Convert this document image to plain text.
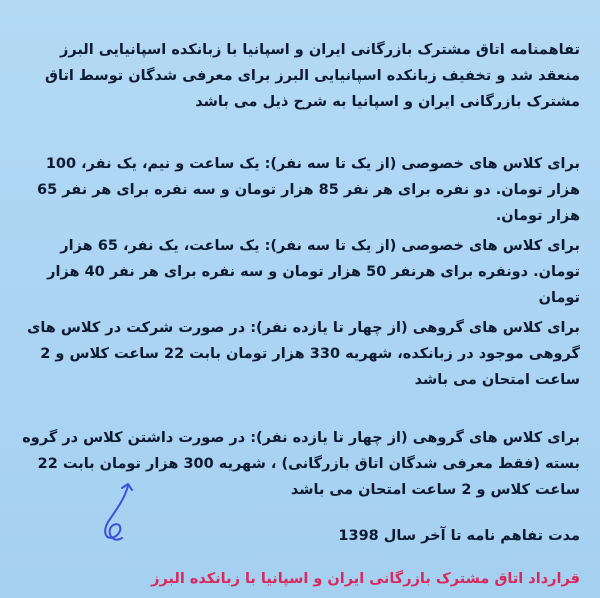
تفاهمنامه اتاق مشترک بازرگانی ایران و اسپانیا با زبانکده اسپانیایی البرز منعقد شد و تخفیف زبانکده اسپانیایی البرز برای معرفی شدگان توسط اتاق مشترک بازرگانی ایران و اسپانیا به شرح ذیل می باشد

برای کلاس های خصوصی (از یک تا سه نفر): یک ساعت و نیم، یک نفر، 100 هزار تومان. دو نفره برای هر نفر 85 هزار تومان و سه نفره برای هر نفر 65 هزار تومان.

برای کلاس های خصوصی (از یک تا سه نفر): یک ساعت، یک نفر، 65 هزار تومان. دونفره برای هرنفر 50 هزار تومان و سه نفره برای هر نفر 40 هزار تومان

برای کلاس های گروهی (از چهار تا یازده نفر): در صورت شرکت در کلاس های گروهی موجود در زبانکده، شهریه 330 هزار تومان بابت 22 ساعت کلاس و 2 ساعت امتحان می باشد

برای کلاس های گروهی (از چهار تا یازده نفر): در صورت داشتن کلاس در گروه بسته (فقط معرفی شدگان اتاق بازرگانی) ، شهریه 300 هزار تومان بابت 22 ساعت کلاس و 2 ساعت امتحان می باشد

مدت تفاهم نامه تا آخر سال 1398

قرارداد اتاق مشترک بازرگانی ایران و اسپانیا با زبانکده البرز
